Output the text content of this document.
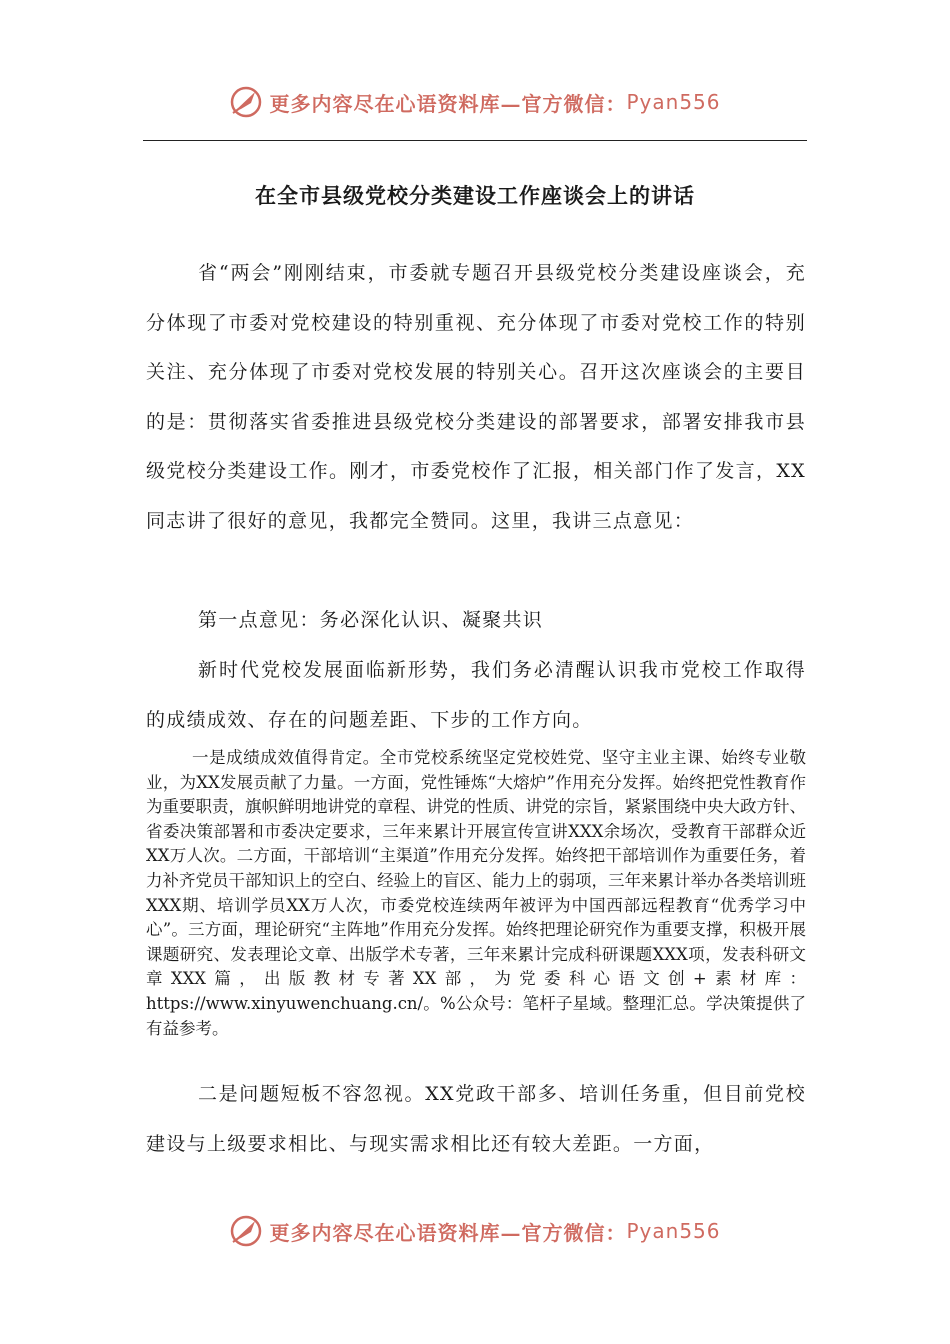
更多内容尽在心语资料库—官方微信： Pyan556
在全市县级党校分类建设工作座谈会上的讲话

省“两会”刚刚结束，市委就专题召开县级党校分类建设座谈会，充分体现了市委对党校建设的特别重视、充分体现了市委对党校工作的特别关注、充分体现了市委对党校发展的特别关心。召开这次座谈会的主要目的是：贯彻落实省委推进县级党校分类建设的部署要求，部署安排我市县级党校分类建设工作。刚才，市委党校作了汇报，相关部门作了发言，XX同志讲了很好的意见，我都完全赞同。这里，我讲三点意见：

第一点意见：务必深化认识、凝聚共识

新时代党校发展面临新形势，我们务必清醒认识我市党校工作取得的成绩成效、存在的问题差距、下步的工作方向。

一是成绩成效值得肯定。全市党校系统坚定党校姓党、坚守主业主课、始终专业敬业，为XX发展贡献了力量。一方面，党性锤炼“大熔炉”作用充分发挥。始终把党性教育作为重要职责，旗帜鲜明地讲党的章程、讲党的性质、讲党的宗旨，紧紧围绕中央大政方针、省委决策部署和市委决定要求，三年来累计开展宣传宣讲XXX余场次，受教育干部群众近XX万人次。二方面，干部培训“主渠道”作用充分发挥。始终把干部培训作为重要任务，着力补齐党员干部知识上的空白、经验上的盲区、能力上的弱项，三年来累计举办各类培训班XXX期、培训学员XX万人次，市委党校连续两年被评为中国西部远程教育“优秀学习中心”。三方面，理论研究“主阵地”作用充分发挥。始终把理论研究作为重要支撑，积极开展课题研究、发表理论文章、出版学术专著，三年来累计完成科研课题XXX项，发表科研文章XXX篇，出版教材专著XX部，为党委科心语文创+素材库：https://www.xinyuwenchuang.cn/。%公众号：笔杆子星域。整理汇总。学决策提供了有益参考。

二是问题短板不容忽视。XX党政干部多、培训任务重，但目前党校建设与上级要求相比、与现实需求相比还有较大差距。一方面，

更多内容尽在心语资料库—官方微信： Pyan556
